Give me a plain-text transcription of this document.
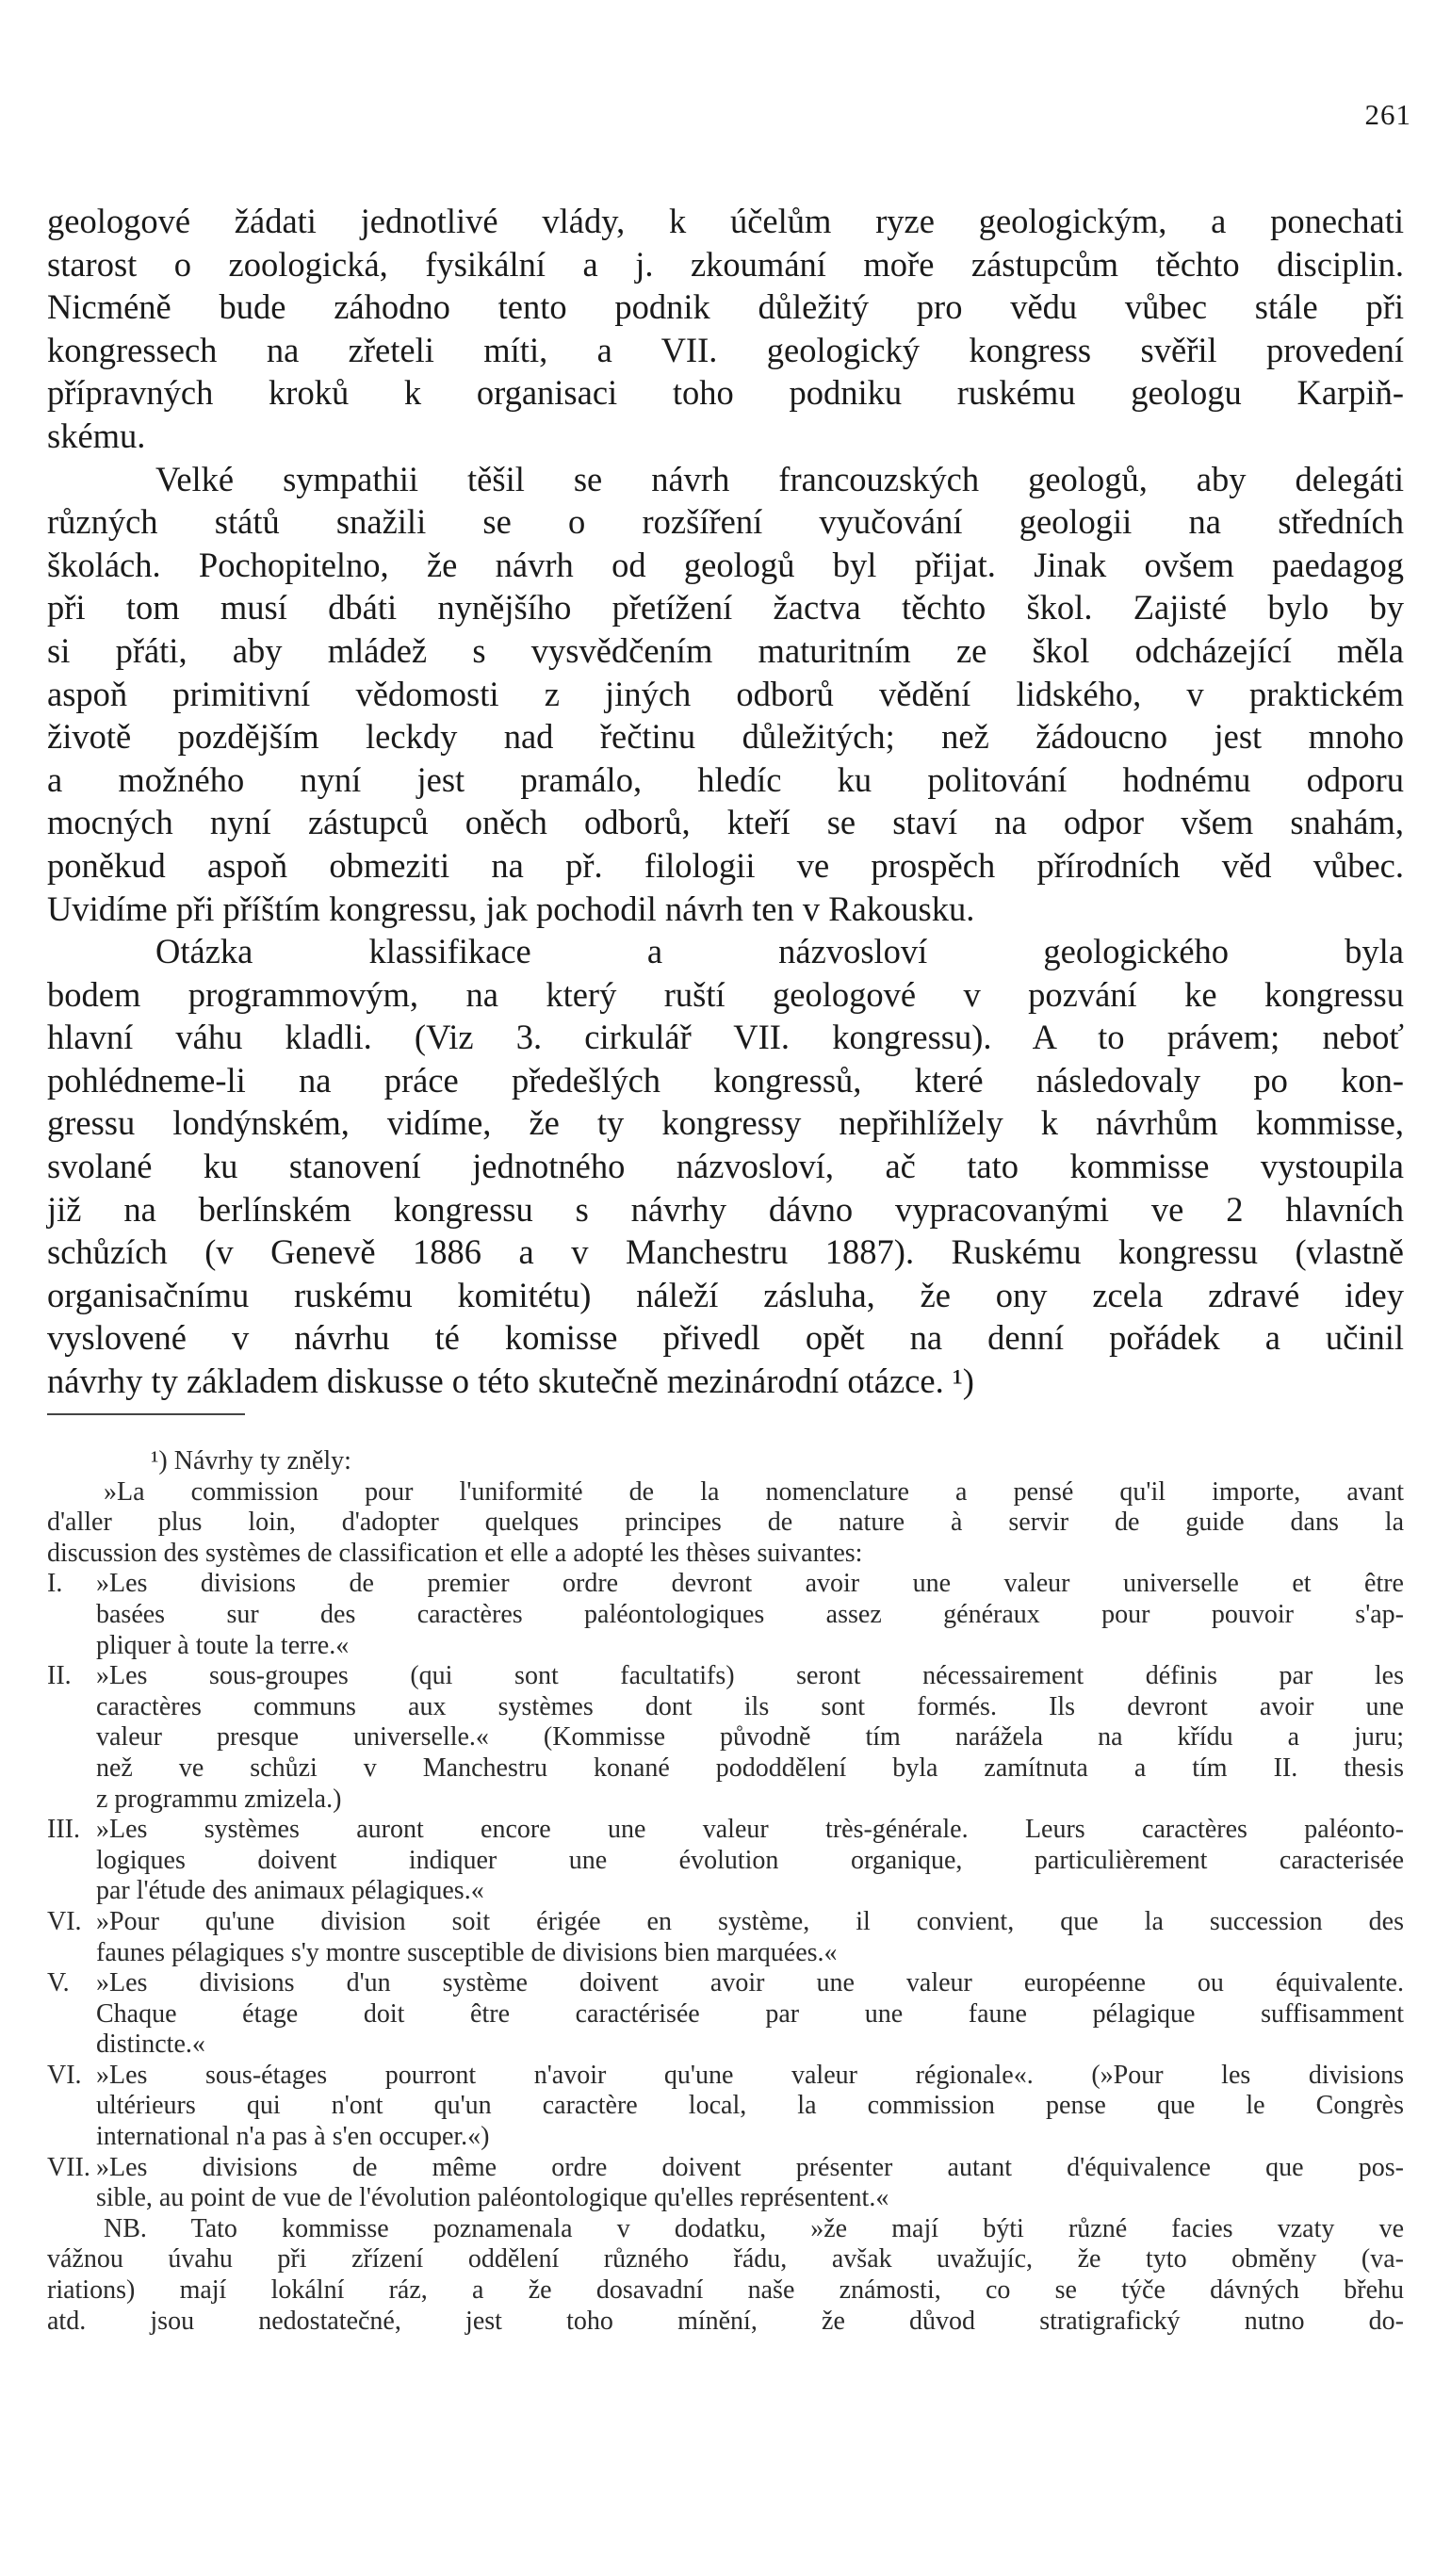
261

geologové žádati jednotlivé vlády, k účelům ryze geologickým, a ponechati

starost o zoologická, fysikální a j. zkoumání moře zástupcům těchto disciplin.

Nicméně bude záhodno tento podnik důležitý pro vědu vůbec stále při

kongressech na zřeteli míti, a VII. geologický kongress svěřil provedení

přípravných kroků k organisaci toho podniku ruskému geologu Karpiň-

skému.

Velké sympathii těšil se návrh francouzských geologů, aby delegáti

různých států snažili se o rozšíření vyučování geologii na středních

školách. Pochopitelno, že návrh od geologů byl přijat. Jinak ovšem paedagog

při tom musí dbáti nynějšího přetížení žactva těchto škol. Zajisté bylo by

si přáti, aby mládež s vysvědčením maturitním ze škol odcházející měla

aspoň primitivní vědomosti z jiných odborů vědění lidského, v praktickém

životě pozdějším leckdy nad řečtinu důležitých; než žádoucno jest mnoho

a možného nyní jest pramálo, hledíc ku politování hodnému odporu

mocných nyní zástupců oněch odborů, kteří se staví na odpor všem snahám,

poněkud aspoň obmeziti na př. filologii ve prospěch přírodních věd vůbec.

Uvidíme při příštím kongressu, jak pochodil návrh ten v Rakousku.

Otázka klassifikace a názvosloví geologického byla

bodem programmovým, na který ruští geologové v pozvání ke kongressu

hlavní váhu kladli. (Viz 3. cirkulář VII. kongressu). A to právem; neboť

pohlédneme-li na práce předešlých kongressů, které následovaly po kon-

gressu londýnském, vidíme, že ty kongressy nepřihlížely k návrhům kommisse,

svolané ku stanovení jednotného názvosloví, ač tato kommisse vystoupila

již na berlínském kongressu s návrhy dávno vypracovanými ve 2 hlavních

schůzích (v Genevě 1886 a v Manchestru 1887). Ruskému kongressu (vlastně

organisačnímu ruskému komitétu) náleží zásluha, že ony zcela zdravé idey

vyslovené v návrhu té komisse přivedl opět na denní pořádek a učinil

návrhy ty základem diskusse o této skutečně mezinárodní otázce. ¹)

¹) Návrhy ty zněly:

»La commission pour l'uniformité de la nomenclature a pensé qu'il importe, avant

d'aller plus loin, d'adopter quelques principes de nature à servir de guide dans la

discussion des systèmes de classification et elle a adopté les thèses suivantes:

I.	»Les divisions de premier ordre devront avoir une valeur universelle et être

basées sur des caractères paléontologiques assez généraux pour pouvoir s'ap-

pliquer à toute la terre.«

II. »Les sous-groupes (qui sont facultatifs) seront nécessairement définis par les

caractères communs aux systèmes dont ils sont formés. Ils devront avoir une

valeur presque universelle.« (Kommisse původně tím narážela na křídu a juru;

než ve schůzi v Manchestru konané pododdělení byla zamítnuta a tím II. thesis

z programmu zmizela.)

III. »Les systèmes auront encore une valeur très-générale. Leurs caractères paléonto-

logiques doivent indiquer une évolution organique, particulièrement caracterisée

par l'étude des animaux pélagiques.«

VI. »Pour qu'une division soit érigée en système, il convient, que la succession des

faunes pélagiques s'y montre susceptible de divisions bien marquées.«

V.	»Les divisions d'un système doivent avoir une valeur européenne ou équivalente.

Chaque étage doit être caractérisée par une faune pélagique suffisamment

distincte.«

VI. »Les sous-étages pourront n'avoir qu'une valeur régionale«. (»Pour les divisions

ultérieurs qui n'ont qu'un caractère local, la commission pense que le Congrès

international n'a pas à s'en occuper.«)

VII. »Les divisions de même ordre doivent présenter autant d'équivalence que pos-

sible, au point de vue de l'évolution paléontologique qu'elles représentent.«

NB. Tato kommisse poznamenala v dodatku, »že mají býti různé facies vzaty ve

vážnou úvahu při zřízení oddělení různého řádu, avšak uvažujíc, že tyto obměny (va-

riations) mají lokální ráz, a že dosavadní naše známosti, co se týče dávných břehu

atd. jsou nedostatečné, jest toho mínění, že důvod stratigrafický nutno do-
